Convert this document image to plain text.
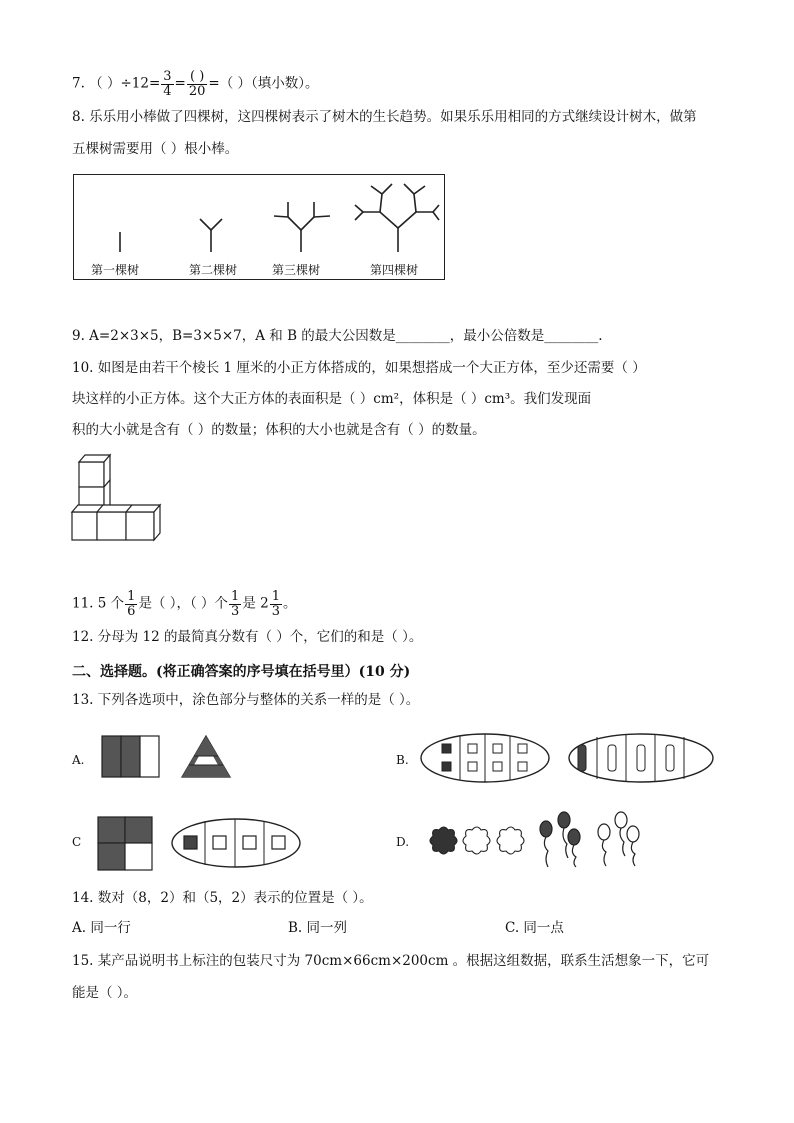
7. （ ）$\div 12= \frac{3}{4} = \frac{( )}{20}$ =（ ）（填小数）。
8. 乐乐用小棒做了四棵树，这四棵树表示了树木的生长趋势。如果乐乐用相同的方式继续设计树木，做第
五棵树需要用（ ）根小棒。
第一棵树	第二棵树	第三棵树	第四棵树
9. A=2×3×5，B=3×5×7，A 和 B 的最大公因数是________，最小公倍数是________.
10. 如图是由若干个棱长 1 厘米的小正方体搭成的，如果想搭成一个大正方体，至少还需要（ ）
块这样的小正方体。这个大正方体的表面积是（ ）cm²，体积是（ ）cm³。我们发现面
积的大小就是含有（ ）的数量；体积的大小也就是含有（ ）的数量。
11. 5 个 $\frac{1}{6}$ 是（ ），（ ）个 $\frac{1}{3}$ 是 $2 \frac{1}{3}$ 。
12. 分母为 12 的最简真分数有（ ）个，它们的和是（ ）。
二、选择题。(将正确答案的序号填在括号里）(10 分)
13. 下列各选项中，涂色部分与整体的关系一样的是（ ）。
A.	B.
C	D.
14. 数对（8，2）和（5，2）表示的位置是（ ）。
A. 同一行	B. 同一列	C. 同一点
15. 某产品说明书上标注的包装尺寸为 70cm×66cm×200cm 。根据这组数据，联系生活想象一下，它可
能是（ ）。
